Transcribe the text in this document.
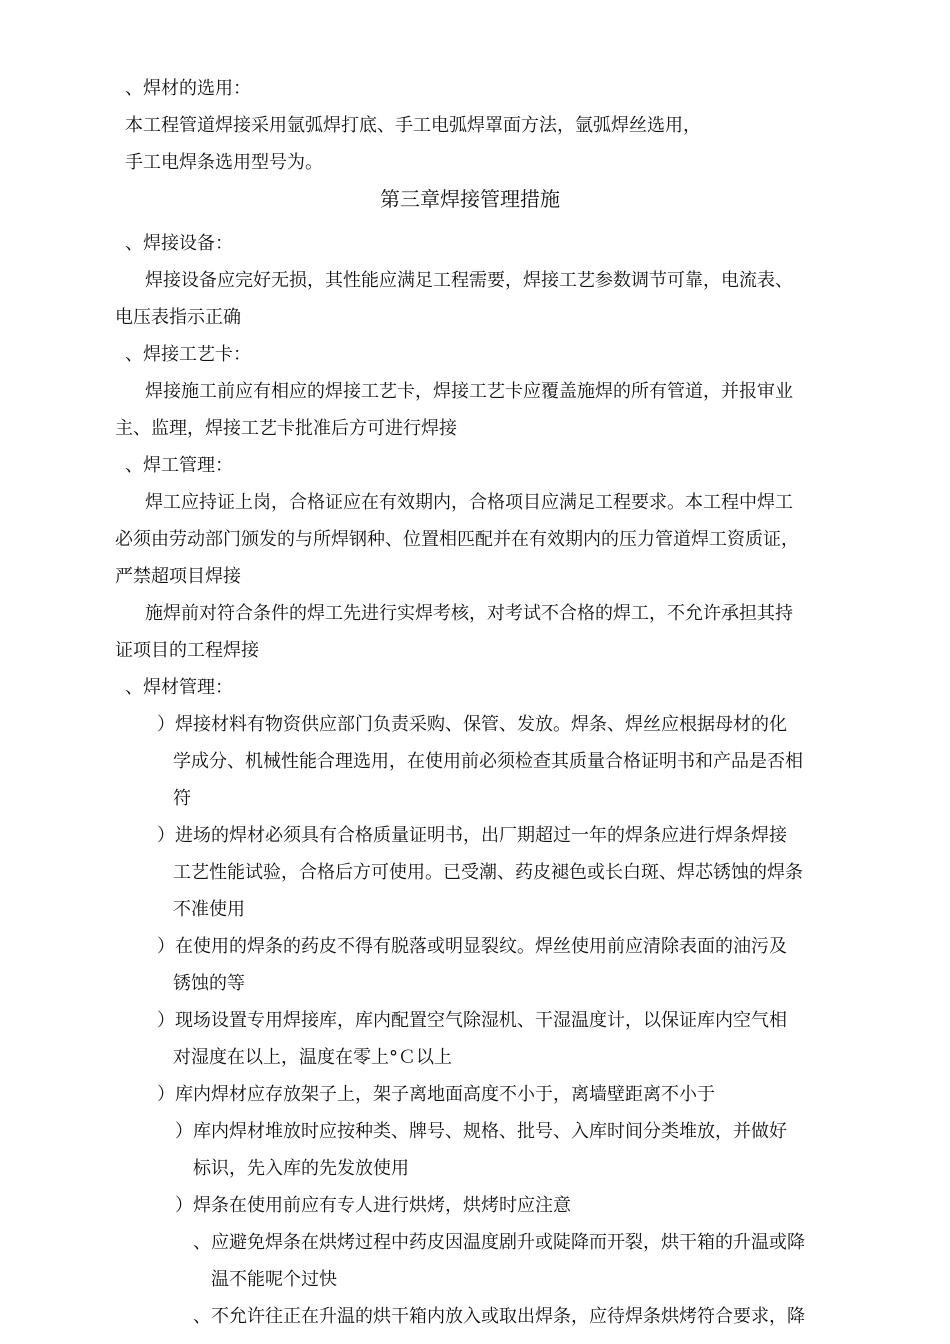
、焊材的选用：
本工程管道焊接采用氩弧焊打底、手工电弧焊罩面方法，氩弧焊丝选用，
手工电焊条选用型号为。
第三章焊接管理措施
、焊接设备：
焊接设备应完好无损，其性能应满足工程需要，焊接工艺参数调节可靠，电流表、
电压表指示正确
、焊接工艺卡：
焊接施工前应有相应的焊接工艺卡，焊接工艺卡应覆盖施焊的所有管道，并报审业
主、监理，焊接工艺卡批准后方可进行焊接
、焊工管理：
焊工应持证上岗，合格证应在有效期内，合格项目应满足工程要求。本工程中焊工
必须由劳动部门颁发的与所焊钢种、位置相匹配并在有效期内的压力管道焊工资质证，
严禁超项目焊接
施焊前对符合条件的焊工先进行实焊考核，对考试不合格的焊工，不允许承担其持
证项目的工程焊接
、焊材管理：
）焊接材料有物资供应部门负责采购、保管、发放。焊条、焊丝应根据母材的化
学成分、机械性能合理选用，在使用前必须检查其质量合格证明书和产品是否相
符
）进场的焊材必须具有合格质量证明书，出厂期超过一年的焊条应进行焊条焊接
工艺性能试验，合格后方可使用。已受潮、药皮褪色或长白斑、焊芯锈蚀的焊条
不准使用
）在使用的焊条的药皮不得有脱落或明显裂纹。焊丝使用前应清除表面的油污及
锈蚀的等
）现场设置专用焊接库，库内配置空气除湿机、干湿温度计，以保证库内空气相
对湿度在以上，温度在零上°Ｃ以上
）库内焊材应存放架子上，架子离地面高度不小于，离墙壁距离不小于
）库内焊材堆放时应按种类、牌号、规格、批号、入库时间分类堆放，并做好
标识，先入库的先发放使用
）焊条在使用前应有专人进行烘烤，烘烤时应注意
、应避免焊条在烘烤过程中药皮因温度剧升或陡降而开裂，烘干箱的升温或降
温不能呢个过快
、不允许往正在升温的烘干箱内放入或取出焊条，应待焊条烘烤符合要求，降
